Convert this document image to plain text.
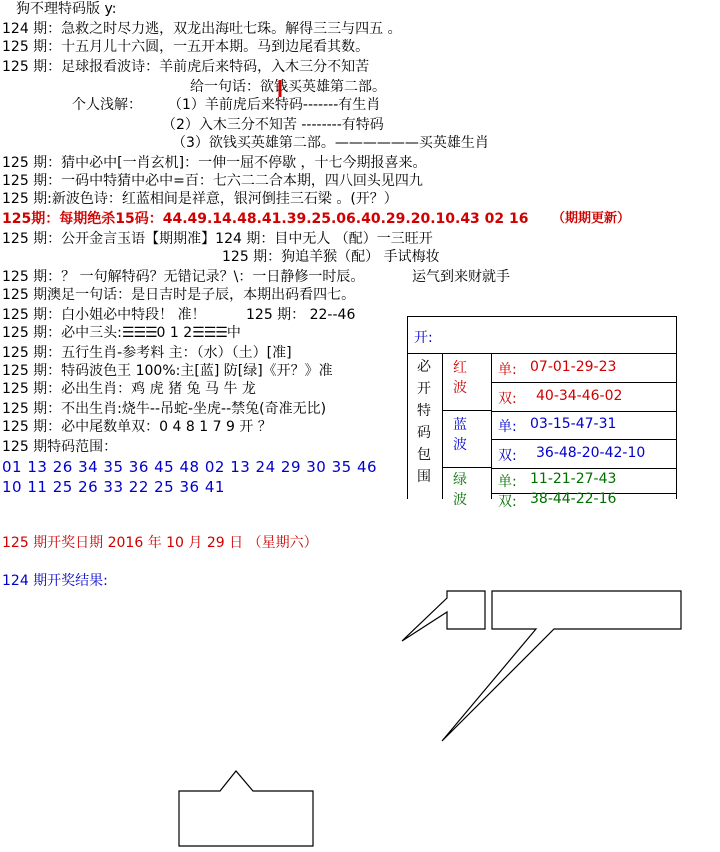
狗不理特码版 y:
124 期：急救之时尽力逃，双龙出海吐七珠。解得三三与四五 。
125 期：十五月儿十六圆，一五开本期。马到边尾看其数。
125 期：足球报看波诗：羊前虎后来特码，入木三分不知苦
给一句话：欲钱买英雄第二部。
个人浅解： （1）羊前虎后来特码-------有生肖
（2）入木三分不知苦 --------有特码
（3）欲钱买英雄第二部。——————买英雄生肖
125 期：猜中必中[一肖玄机]：一伸一屈不停歇 ，十七今期报喜来。
125 期：一码中特猜中必中=百：七六二二合本期，四八回头见四九
125 期:新波色诗：红蓝相间是祥意，银河倒挂三石梁 。(开？）
125期：每期绝杀15码：44.49.14.48.41.39.25.06.40.29.20.10.43 02 16 （期期更新）
125 期：公开金言玉语【期期准】124 期：目中无人 （配）一三旺开
125 期：狗追羊猴（配） 手试梅妆
125 期：？ 一句解特码？无错记录？\：一日静修一时辰。	运气到来财就手
125 期澳足一句话：是日吉时是子辰，本期出码看四七。
125 期：白小姐必中特段！ 准！	125 期： 22--46
125 期：必中三头:☰☰☰0 1 2☰☰☰中
125 期：五行生肖-参考料 主：（水）（土）[准]
125 期：特码波色王 100%:主[蓝] 防[绿]《开？》准
125 期：必出生肖：鸡 虎 猪 兔 马 牛 龙
125 期：不出生肖:烧牛--吊蛇-坐虎--禁兔(奇准无比)
125 期：必中尾数单双：0 4 8 1 7 9 开 ？
125 期特码范围：
01 13 26 34 35 36 45 48 02 13 24 29 30 35 46
10 11 25 26 33 22 25 36 41
开:
必开特码包围
红波
单: 07-01-29-23
双: 40-34-46-02
蓝波
单: 03-15-47-31
双: 36-48-20-42-10
绿波
单: 11-21-27-43
双: 38-44-22-16
125 期开奖日期 2016 年 10 月 29 日 （星期六）
124 期开奖结果:
